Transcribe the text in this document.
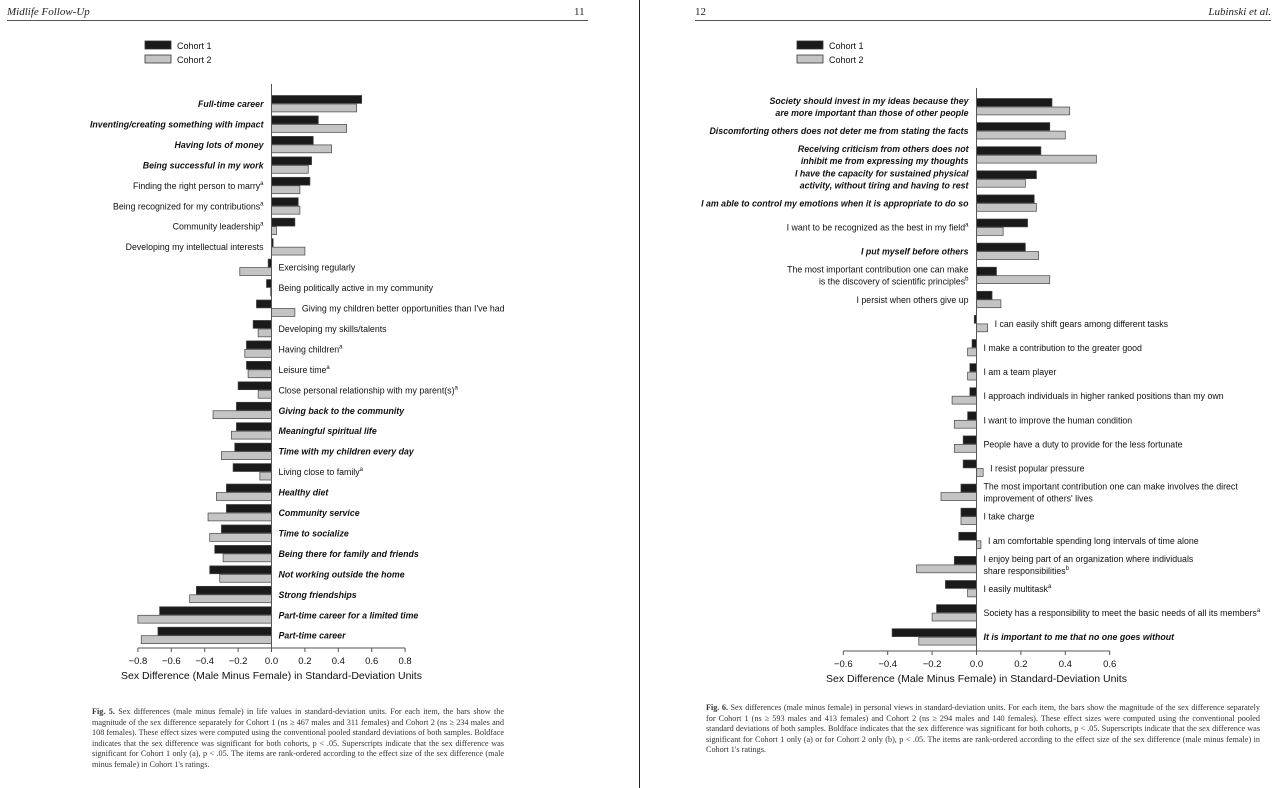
Midlife Follow-Up	11	12	Lubinski et al.
Cohort 1
Cohort 2
Full-time career
Inventing/creating something with impact
Having lots of money
Being successful in my work
Finding the right person to marry$^a$
Being recognized for my contributions$^a$
Community leadership$^a$
Developing my intellectual interests
Exercising regularly
Being politically active in my community
Giving my children better opportunities than I've had
Developing my skills/talents
Having children$^a$
Leisure time$^a$
Close personal relationship with my $parent(s)^a$
Giving back to the community
Meaningful spiritual life
Time with my children every day
Living close to family$^a$
Healthy diet
Community service
Time to socialize
Being there for family and friends
Not working outside the home
Strong friendships
Part-time career for a limited time
Part-time career
−0.8 −0.6 −0.4 −0.2 0.0 0.2 0.4 0.6 0.8
Sex Difference (Male Minus Female) in Standard-Deviation Units
Cohort 1
Cohort 2
Society should invest in my ideas because they are more important than those of other people
Discomforting others does not deter me from stating the facts
Receiving criticism from others does not inhibit me from expressing my thoughts
I have the capacity for sustained physical activity, without tiring and having to rest
I am able to control my emotions when it is appropriate to do so
I want to be recognized as the best in my field$^a$
I put myself before others
The most important contribution one can make is the discovery of scientific principles$^b$
I persist when others give up
I can easily shift gears among different tasks
I make a contribution to the greater good
I am a team player
I approach individuals in higher ranked positions than my own
I want to improve the human condition
People have a duty to provide for the less fortunate
I resist popular pressure
The most important contribution one can make involves the direct improvement of others' lives
I take charge
I am comfortable spending long intervals of time alone
I enjoy being part of an organization where individuals share responsibilities$^b$
I easily multitask$^a$
Society has a responsibility to meet the basic needs of all its members$^a$
It is important to me that no one goes without
−0.6	−0.4	−0.2	0.0	0.2	0.4	0.6
Sex Difference (Male Minus Female) in Standard-Deviation Units
Fig. 5. Sex differences (male minus female) in life values in standard-deviation units. For each item, the bars show the magnitude of the sex difference separately for Cohort 1 (ns ≥ 467 males and 311 females) and Cohort 2 (ns ≥ 234 males and 108 females). These effect sizes were computed using the conventional pooled standard deviations of both samples. Boldface indicates that the sex difference was significant for both cohorts, p < .05. Superscripts indicate that the sex difference was significant for Cohort 1 only (a), p < .05. The items are rank-ordered according to the effect size of the sex difference (male minus female) in Cohort 1's ratings.
Fig. 6. Sex differences (male minus female) in personal views in standard-deviation units. For each item, the bars show the magnitude of the sex difference separately for Cohort 1 (ns ≥ 593 males and 413 females) and Cohort 2 (ns ≥ 294 males and 140 females). These effect sizes were computed using the conventional pooled standard deviations of both samples. Boldface indicates that the sex difference was significant for both cohorts, p < .05. Superscripts indicate that the sex difference was significant for Cohort 1 only (a) or for Cohort 2 only (b), p < .05. The items are rank-ordered according to the effect size of the sex difference (male minus female) in Cohort 1's ratings.
